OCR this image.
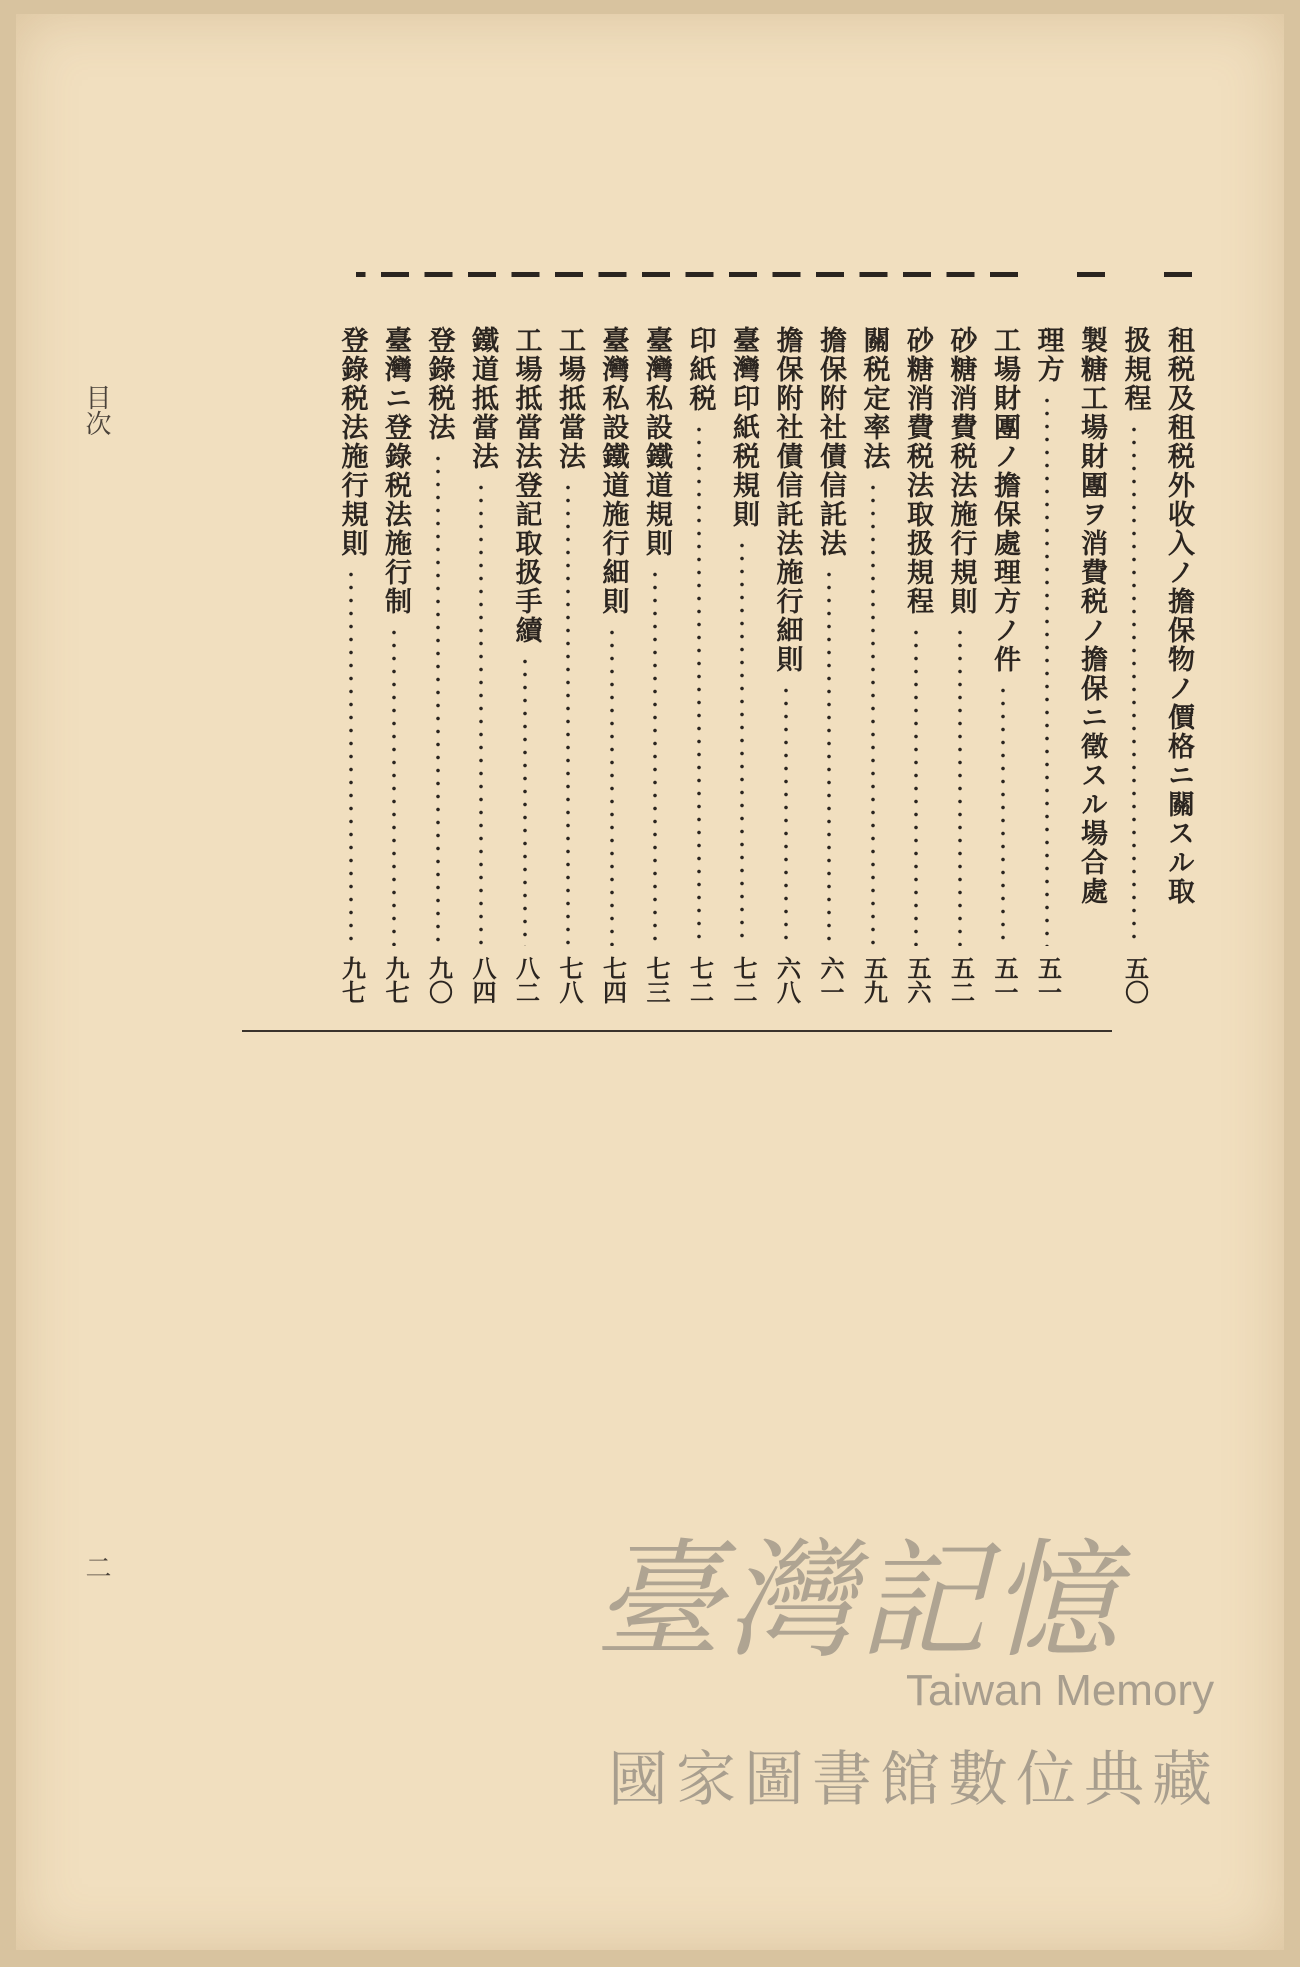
租税及租税外收入ノ擔保物ノ價格ニ關スル取
扱規程
五〇
製糖工場財團ヲ消費税ノ擔保ニ徵スル場合處
理方
五一
工場財團ノ擔保處理方ノ件
五一
砂糖消費税法施行規則
五二
砂糖消費税法取扱規程
五六
關税定率法
五九
擔保附社債信託法
六一
擔保附社債信託法施行細則
六八
臺灣印紙税規則
七二
印紙税
七二
臺灣私設鐵道規則
七三
臺灣私設鐵道施行細則
七四
工場抵當法
七八
工場抵當法登記取扱手續
八二
鐵道抵當法
八四
登錄税法
九〇
臺灣ニ登錄税法施行制
九七
登錄税法施行規則
九七
目次
二	臺灣記憶
Taiwan Memory
國家圖書館數位典藏
